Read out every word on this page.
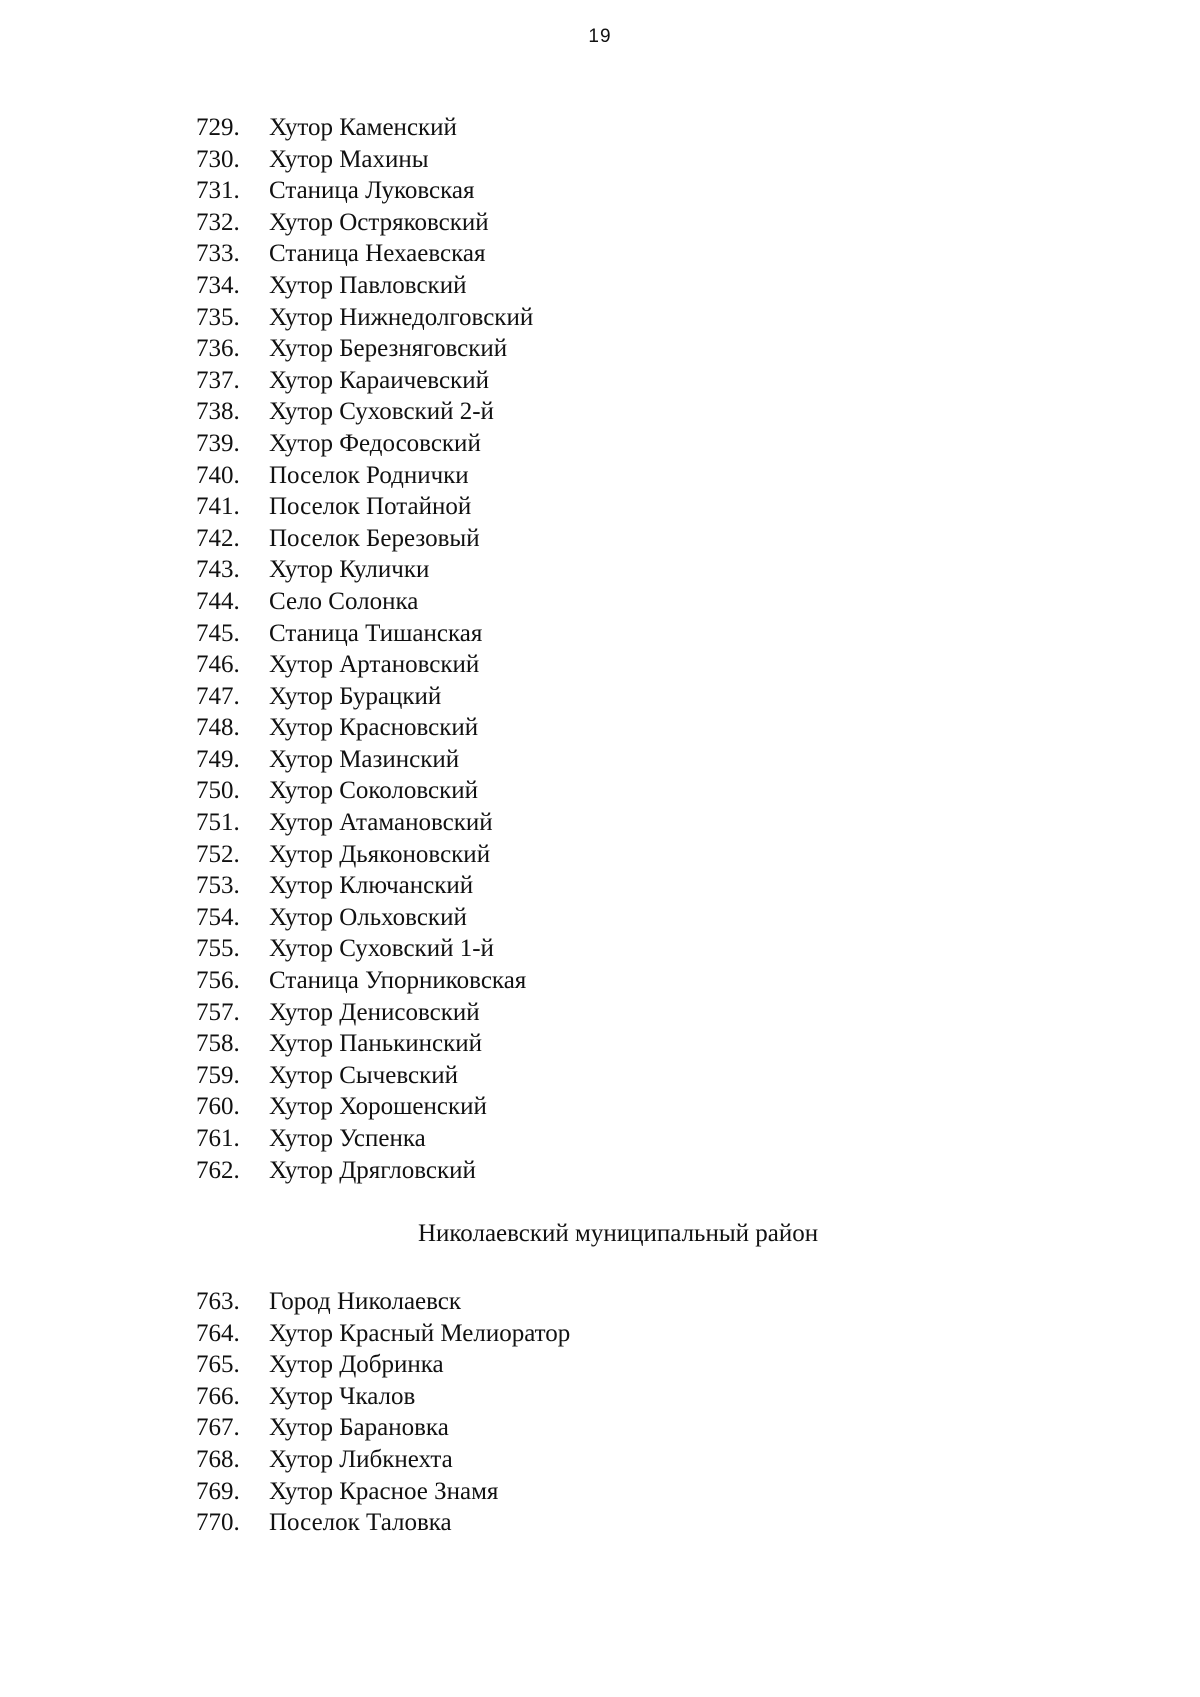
19
729. Хутор Каменский
730. Хутор Махины
731. Станица Луковская
732. Хутор Остряковский
733. Станица Нехаевская
734. Хутор Павловский
735. Хутор Нижнедолговский
736. Хутор Березняговский
737. Хутор Караичевский
738. Хутор Суховский 2-й
739. Хутор Федосовский
740. Поселок Роднички
741. Поселок Потайной
742. Поселок Березовый
743. Хутор Кулички
744. Село Солонка
745. Станица Тишанская
746. Хутор Артановский
747. Хутор Бурацкий
748. Хутор Красновский
749. Хутор Мазинский
750. Хутор Соколовский
751. Хутор Атамановский
752. Хутор Дьяконовский
753. Хутор Ключанский
754. Хутор Ольховский
755. Хутор Суховский 1-й
756. Станица Упорниковская
757. Хутор Денисовский
758. Хутор Панькинский
759. Хутор Сычевский
760. Хутор Хорошенский
761. Хутор Успенка
762. Хутор Дрягловский
Николаевский муниципальный район
763. Город Николаевск
764. Хутор Красный Мелиоратор
765. Хутор Добринка
766. Хутор Чкалов
767. Хутор Барановка
768. Хутор Либкнехта
769. Хутор Красное Знамя
770. Поселок Таловка
